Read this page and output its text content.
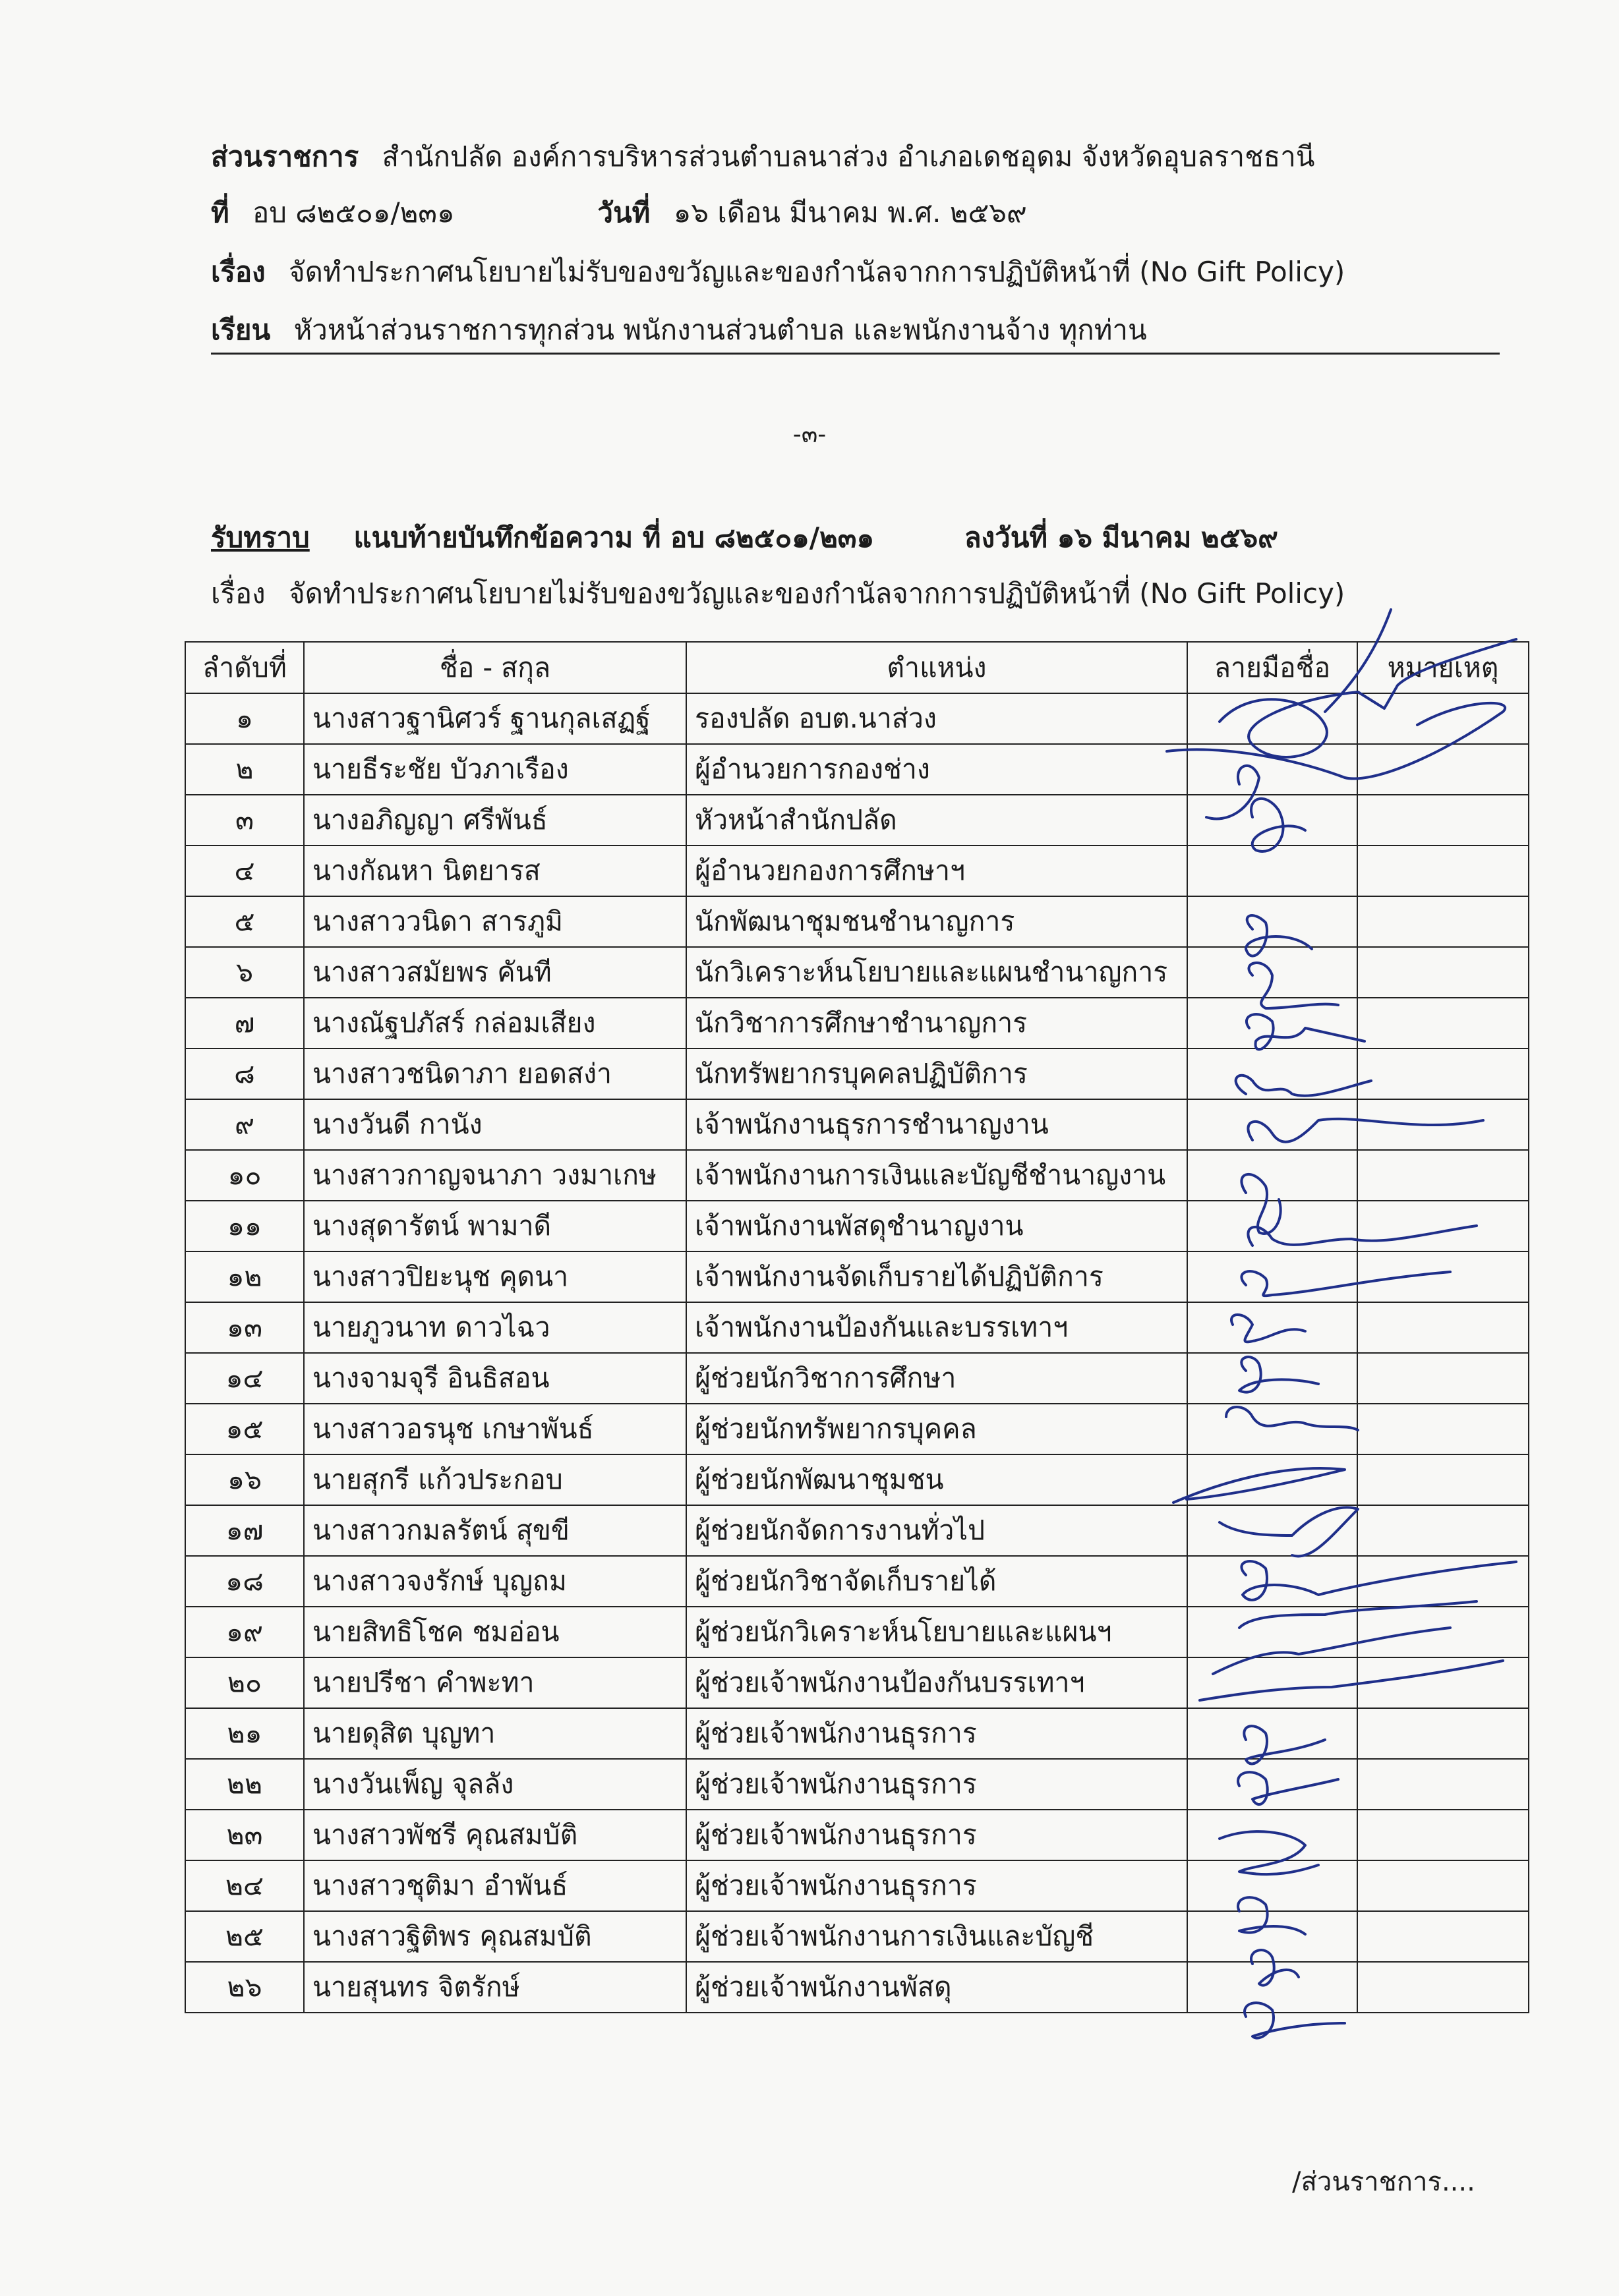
ส่วนราชการ สำนักปลัด องค์การบริหารส่วนตำบลนาส่วง อำเภอเดชอุดม จังหวัดอุบลราชธานี
ที่ อบ ๘๒๕๐๑/๒๓๑	วันที่ ๑๖ เดือน มีนาคม พ.ศ. ๒๕๖๙
เรื่อง จัดทำประกาศนโยบายไม่รับของขวัญและของกำนัลจากการปฏิบัติหน้าที่ (No Gift Policy)
เรียน หัวหน้าส่วนราชการทุกส่วน พนักงานส่วนตำบล และพนักงานจ้าง ทุกท่าน
-๓-
รับทราบ แนบท้ายบันทึกข้อความ ที่ อบ ๘๒๕๐๑/๒๓๑	ลงวันที่ ๑๖ มีนาคม ๒๕๖๙
เรื่อง จัดทำประกาศนโยบายไม่รับของขวัญและของกำนัลจากการปฏิบัติหน้าที่ (No Gift Policy)
ลำดับที่	ชื่อ - สกุล	ตำแหน่ง	ลายมือชื่อ	หมายเหตุ
๑	นางสาวฐานิศวร์ ฐานกุลเสฏฐ์	รองปลัด อบต.นาส่วง		
๒	นายธีระชัย บัวภาเรือง	ผู้อำนวยการกองช่าง		
๓	นางอภิญญา ศรีพันธ์	หัวหน้าสำนักปลัด		
๔	นางกัณหา นิตยารส	ผู้อำนวยกองการศึกษาฯ		
๕	นางสาววนิดา สารภูมิ	นักพัฒนาชุมชนชำนาญการ		
๖	นางสาวสมัยพร คันที	นักวิเคราะห์นโยบายและแผนชำนาญการ		
๗	นางณัฐปภัสร์ กล่อมเสียง	นักวิชาการศึกษาชำนาญการ		
๘	นางสาวชนิดาภา ยอดสง่า	นักทรัพยากรบุคคลปฏิบัติการ		
๙	นางวันดี กานัง	เจ้าพนักงานธุรการชำนาญงาน		
๑๐	นางสาวกาญจนาภา วงมาเกษ	เจ้าพนักงานการเงินและบัญชีชำนาญงาน		
๑๑	นางสุดารัตน์ พามาดี	เจ้าพนักงานพัสดุชำนาญงาน		
๑๒	นางสาวปิยะนุช คุดนา	เจ้าพนักงานจัดเก็บรายได้ปฏิบัติการ		
๑๓	นายภูวนาท ดาวไฉว	เจ้าพนักงานป้องกันและบรรเทาฯ		
๑๔	นางจามจุรี อินธิสอน	ผู้ช่วยนักวิชาการศึกษา		
๑๕	นางสาวอรนุช เกษาพันธ์	ผู้ช่วยนักทรัพยากรบุคคล		
๑๖	นายสุกรี แก้วประกอบ	ผู้ช่วยนักพัฒนาชุมชน		
๑๗	นางสาวกมลรัตน์ สุขขี	ผู้ช่วยนักจัดการงานทั่วไป		
๑๘	นางสาวจงรักษ์ บุญถม	ผู้ช่วยนักวิชาจัดเก็บรายได้		
๑๙	นายสิทธิโชค ชมอ่อน	ผู้ช่วยนักวิเคราะห์นโยบายและแผนฯ		
๒๐	นายปรีชา คำพะทา	ผู้ช่วยเจ้าพนักงานป้องกันบรรเทาฯ		
๒๑	นายดุสิต บุญทา	ผู้ช่วยเจ้าพนักงานธุรการ		
๒๒	นางวันเพ็ญ จุลลัง	ผู้ช่วยเจ้าพนักงานธุรการ		
๒๓	นางสาวพัชรี คุณสมบัติ	ผู้ช่วยเจ้าพนักงานธุรการ		
๒๔	นางสาวชุติมา อำพันธ์	ผู้ช่วยเจ้าพนักงานธุรการ		
๒๕	นางสาวฐิติพร คุณสมบัติ	ผู้ช่วยเจ้าพนักงานการเงินและบัญชี		
๒๖	นายสุนทร จิตรักษ์	ผู้ช่วยเจ้าพนักงานพัสดุ		
/ส่วนราชการ....
